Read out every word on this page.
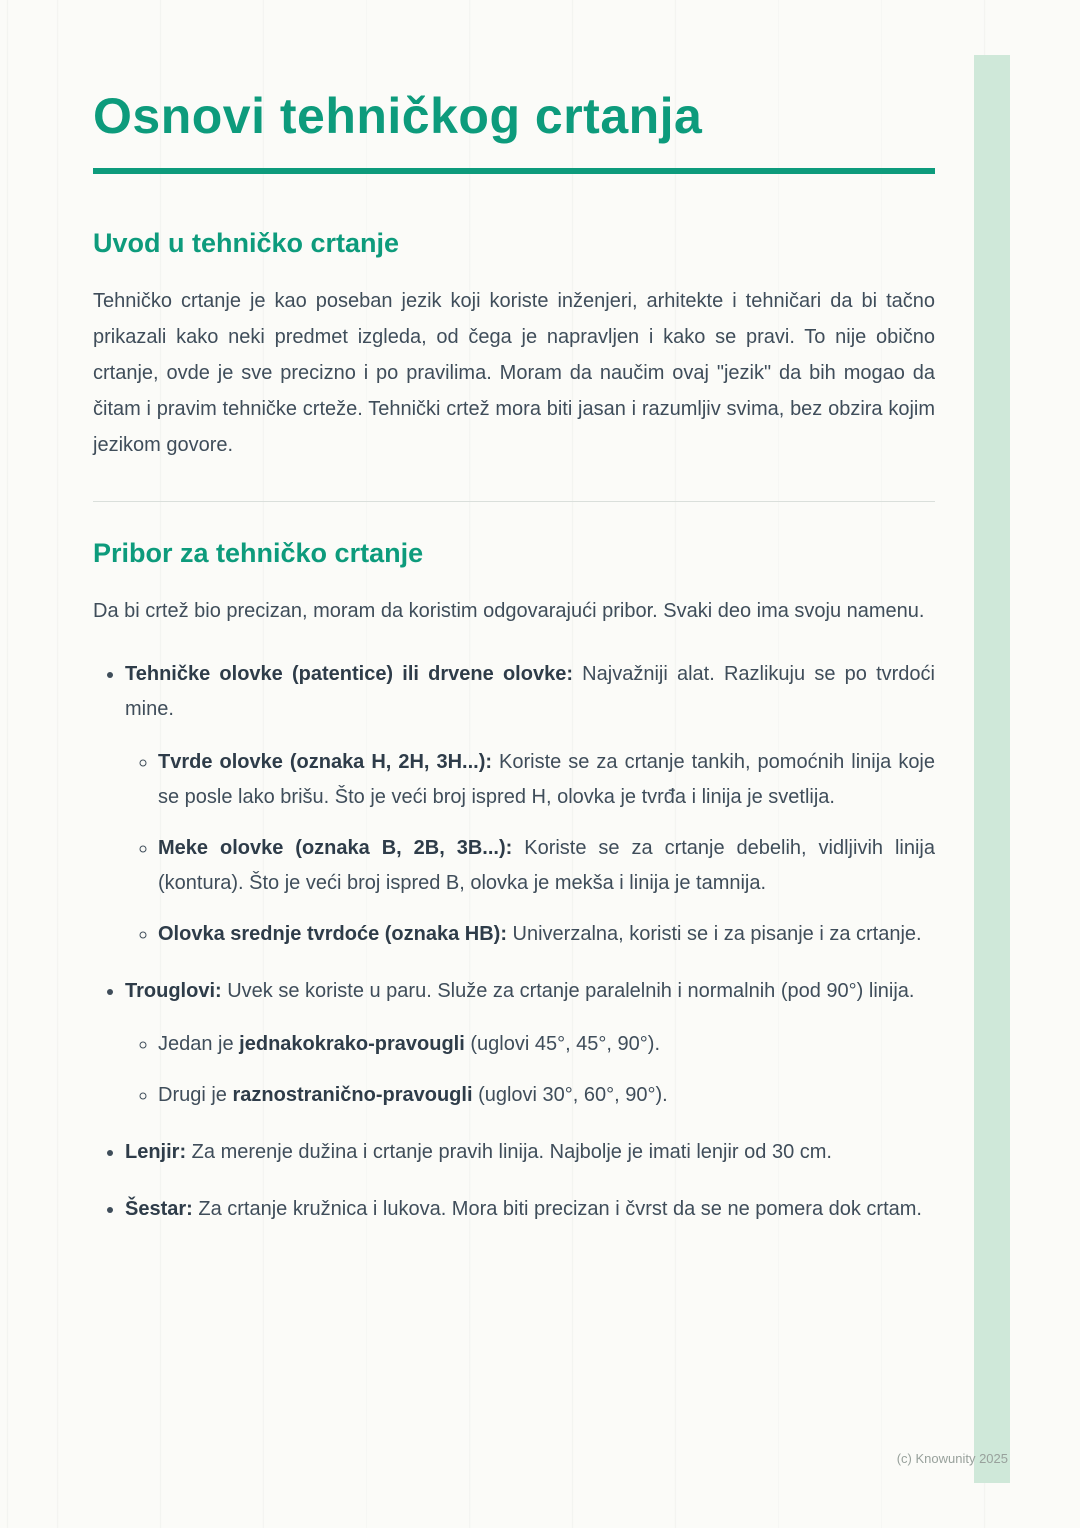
Osnovi tehničkog crtanja
Uvod u tehničko crtanje

Tehničko crtanje je kao poseban jezik koji koriste inženjeri, arhitekte i tehničari da bi tačno prikazali kako neki predmet izgleda, od čega je napravljen i kako se pravi. To nije obično crtanje, ovde je sve precizno i po pravilima. Moram da naučim ovaj "jezik" da bih mogao da čitam i pravim tehničke crteže. Tehnički crtež mora biti jasan i razumljiv svima, bez obzira kojim jezikom govore.

Pribor za tehničko crtanje

Da bi crtež bio precizan, moram da koristim odgovarajući pribor. Svaki deo ima svoju namenu.

• Tehničke olovke (patentice) ili drvene olovke: Najvažniji alat. Razlikuju se po tvrdoći mine.

◦ Tvrde olovke (oznaka H, 2H, 3H...): Koriste se za crtanje tankih, pomoćnih linija koje se posle lako brišu. Što je veći broj ispred H, olovka je tvrđa i linija je svetlija.

◦ Meke olovke (oznaka B, 2B, 3B...): Koriste se za crtanje debelih, vidljivih linija (kontura). Što je veći broj ispred B, olovka je mekša i linija je tamnija.

◦ Olovka srednje tvrdoće (oznaka HB): Univerzalna, koristi se i za pisanje i za crtanje.

• Trouglovi: Uvek se koriste u paru. Služe za crtanje paralelnih i normalnih (pod 90°) linija.

◦ Jedan je jednakokrako-pravougli (uglovi 45°, 45°, 90°).

◦ Drugi je raznostranično-pravougli (uglovi 30°, 60°, 90°).

• Lenjir: Za merenje dužina i crtanje pravih linija. Najbolje je imati lenjir od 30 cm.

• Šestar: Za crtanje kružnica i lukova. Mora biti precizan i čvrst da se ne pomera dok crtam.

(c) Knowunity 2025
